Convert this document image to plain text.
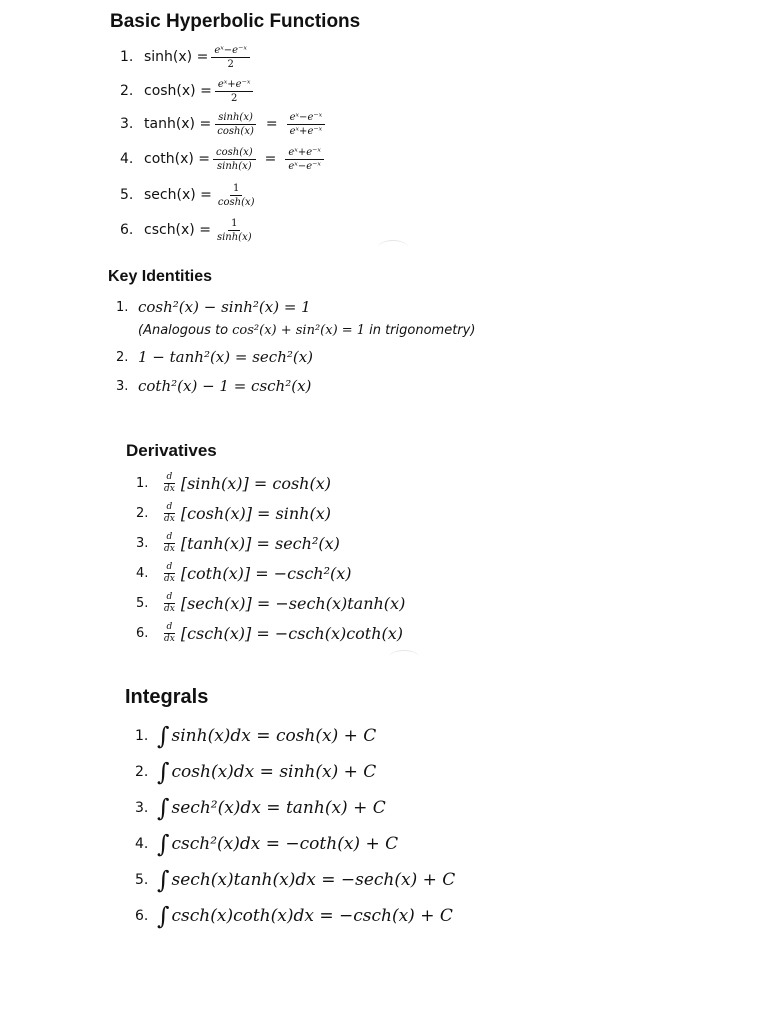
Basic Hyperbolic Functions
1. $\sinh(x) = \frac{\text{eˣ−e⁻ˣ}}{2}$
2. $\cosh(x) = \frac{\text{eˣ+e⁻ˣ}}{2}$
3. $\tanh(x) = \frac{\sinh(x)}{\cosh(x)} = \frac{\text{eˣ−e⁻ˣ}}{\text{eˣ+e⁻ˣ}}$
4. $\cot h(x) = \frac{\cosh(x)}{\sinh(x)} = \frac{\text{eˣ+e⁻ˣ}}{\text{eˣ−e⁻ˣ}}$
5. $\sec h(x) = \frac{1}{\cosh(x)}$
6. $\csc h(x) = \frac{1}{\sinh(x)}$
Key Identities
1. cosh²(x) − sinh²(x) = 1
(Analogous to cos²(x) + sin²(x) = 1 in trigonometry)
2. 1 − tanh²(x) = sech²(x)
3. coth²(x) − 1 = csch²(x)
Derivatives
1.	$\frac{d}{dx} [\sinh(x)] = \cosh(x)$
2.	$\frac{d}{dx} [\cosh(x)] = \sinh(x)$
3.	$\frac{d}{dx} [\tanh(x)] = \sec h^2(x)$
4.	$\frac{d}{dx} [\cot h(x)] = -\csc h^2(x)$
5.	$\frac{d}{dx} [\sec h(x)] = -\sec h(x)\tanh(x)$
6.	$\frac{d}{dx} [\csc h(x)] = -\csc h(x)\cot h(x)$
Integrals
1. ∫ sinh(x)dx = cosh(x) + C
2. ∫ cosh(x)dx = sinh(x) + C
3. ∫ sech²(x)dx = tanh(x) + C
4. ∫ csch²(x)dx = −coth(x) + C
5. ∫ sech(x)tanh(x)dx = −sech(x) + C
6. ∫ csch(x)coth(x)dx = −csch(x) + C
